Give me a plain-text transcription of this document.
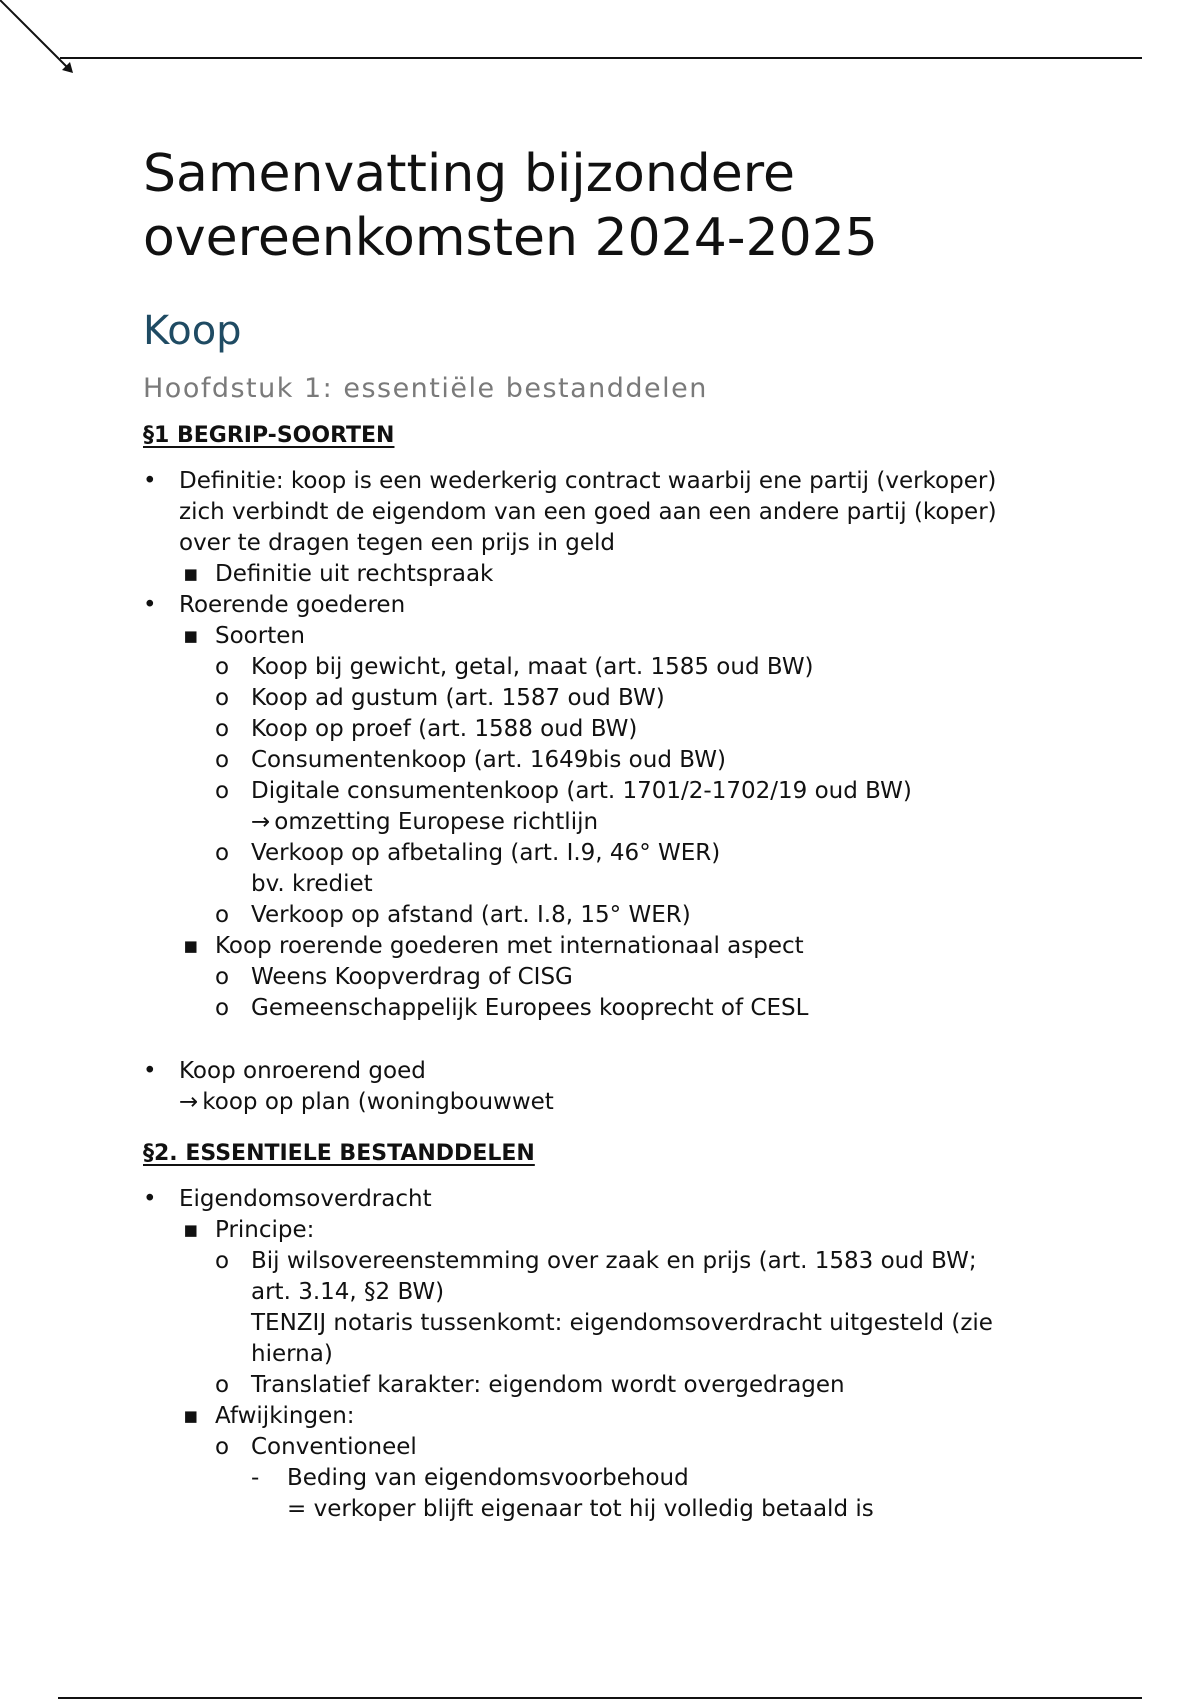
Samenvatting bijzondere
overeenkomsten 2024-2025
Koop
Hoofdstuk 1: essentiële bestanddelen
§1 BEGRIP-SOORTEN
• Definitie: koop is een wederkerig contract waarbij ene partij (verkoper)
zich verbindt de eigendom van een goed aan een andere partij (koper)
over te dragen tegen een prijs in geld
▪ Definitie uit rechtspraak
• Roerende goederen
▪ Soorten
o Koop bij gewicht, getal, maat (art. 1585 oud BW)
o Koop ad gustum (art. 1587 oud BW)
o Koop op proef (art. 1588 oud BW)
o Consumentenkoop (art. 1649bis oud BW)
o Digitale consumentenkoop (art. 1701/2-1702/19 oud BW)
→ omzetting Europese richtlijn
o Verkoop op afbetaling (art. I.9, 46° WER)
bv. krediet
o Verkoop op afstand (art. I.8, 15° WER)
▪ Koop roerende goederen met internationaal aspect
o Weens Koopverdrag of CISG
o Gemeenschappelijk Europees kooprecht of CESL
• Koop onroerend goed
→ koop op plan (woningbouwwet
§2. ESSENTIELE BESTANDDELEN
• Eigendomsoverdracht
▪ Principe:
o Bij wilsovereenstemming over zaak en prijs (art. 1583 oud BW;
art. 3.14, §2 BW)
TENZIJ notaris tussenkomt: eigendomsoverdracht uitgesteld (zie
hierna)
o Translatief karakter: eigendom wordt overgedragen
▪ Afwijkingen:
o Conventioneel
- Beding van eigendomsvoorbehoud
= verkoper blijft eigenaar tot hij volledig betaald is
